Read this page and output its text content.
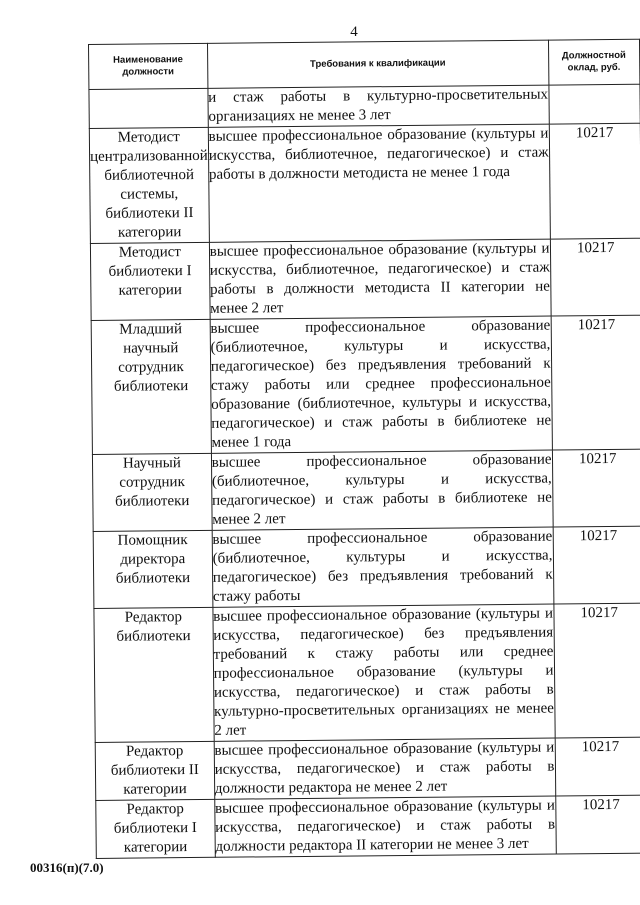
4
Наименование должности	Требования к квалификации	Должностной оклад, руб.
	и стаж работы в культурно-просветительных организациях не менее 3 лет	
Методист централизованной библиотечной системы, библиотеки II категории	высшее профессиональное образование (культуры и искусства, библиотечное, педагогическое) и стаж работы в должности методиста не менее 1 года	10217
Методист библиотеки I категории	высшее профессиональное образование (культуры и искусства, библиотечное, педагогическое) и стаж работы в должности методиста II категории не менее 2 лет	10217
Младший научный сотрудник библиотеки	высшее профессиональное образование (библиотечное, культуры и искусства, педагогическое) без предъявления требований к стажу работы или среднее профессиональное образование (библиотечное, культуры и искусства, педагогическое) и стаж работы в библиотеке не менее 1 года	10217
Научный сотрудник библиотеки	высшее профессиональное образование (библиотечное, культуры и искусства, педагогическое) и стаж работы в библиотеке не менее 2 лет	10217
Помощник директора библиотеки	высшее профессиональное образование (библиотечное, культуры и искусства, педагогическое) без предъявления требований к стажу работы	10217
Редактор библиотеки	высшее профессиональное образование (культуры и искусства, педагогическое) без предъявления требований к стажу работы или среднее профессиональное образование (культуры и искусства, педагогическое) и стаж работы в культурно-просветительных организациях не менее 2 лет	10217
Редактор библиотеки II категории	высшее профессиональное образование (культуры и искусства, педагогическое) и стаж работы в должности редактора не менее 2 лет	10217
Редактор библиотеки I категории	высшее профессиональное образование (культуры и искусства, педагогическое) и стаж работы в должности редактора II категории не менее 3 лет	10217
00316(п)(7.0)
